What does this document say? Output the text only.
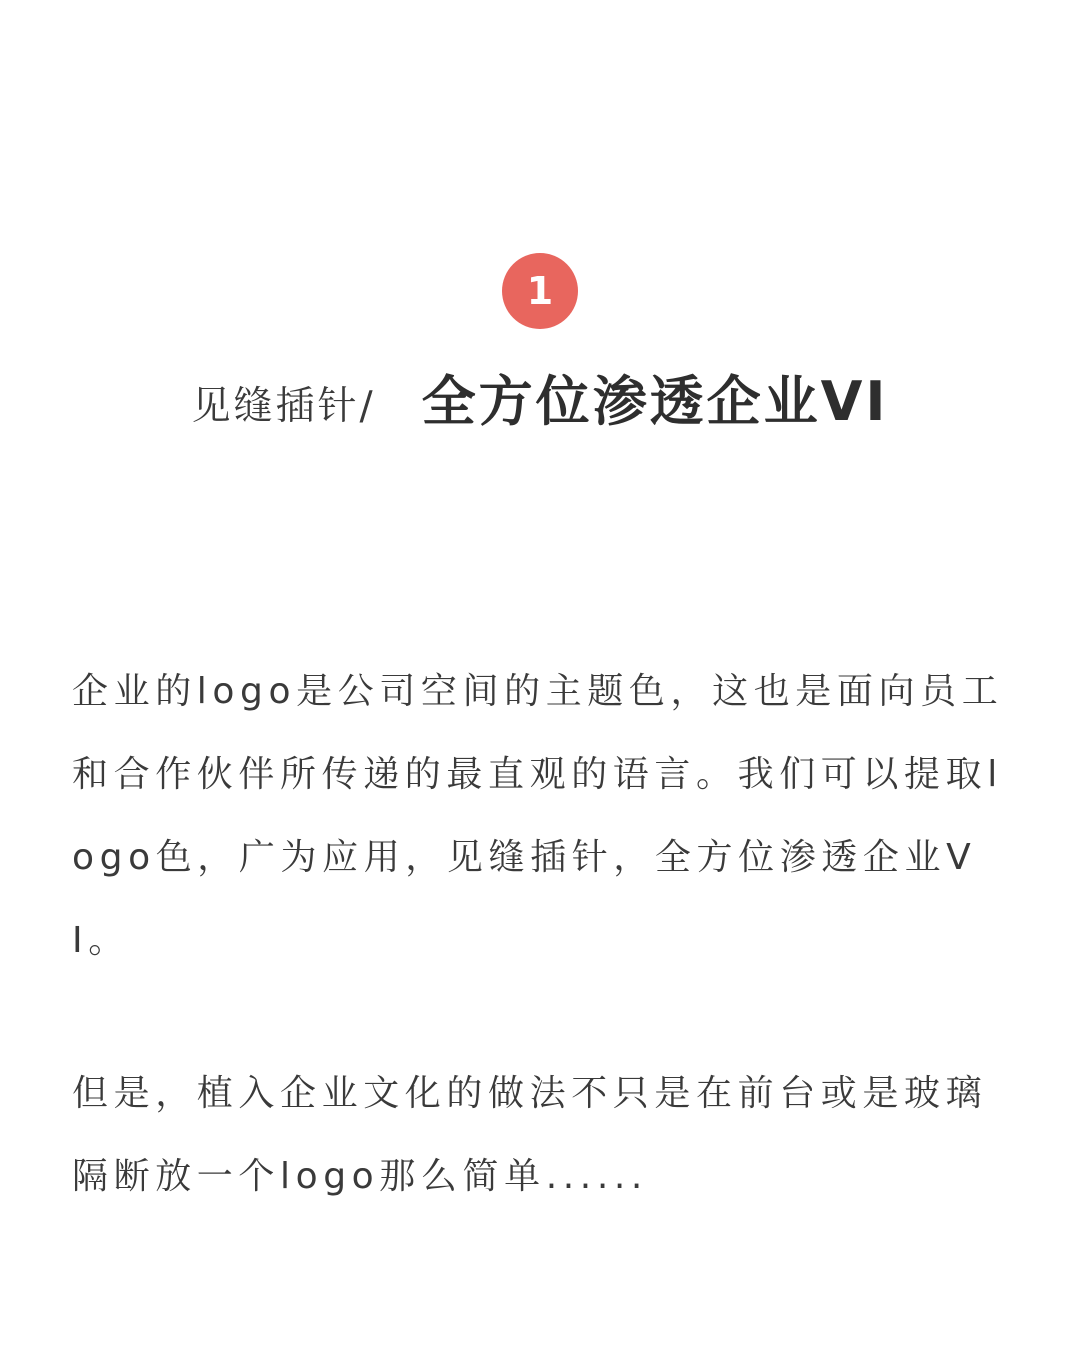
1
见缝插针/ 全方位渗透企业VI

企业的logo是公司空间的主题色，这也是面向员工和合作伙伴所传递的最直观的语言。我们可以提取logo色，广为应用，见缝插针，全方位渗透企业VI。

但是，植入企业文化的做法不只是在前台或是玻璃隔断放一个logo那么简单......
